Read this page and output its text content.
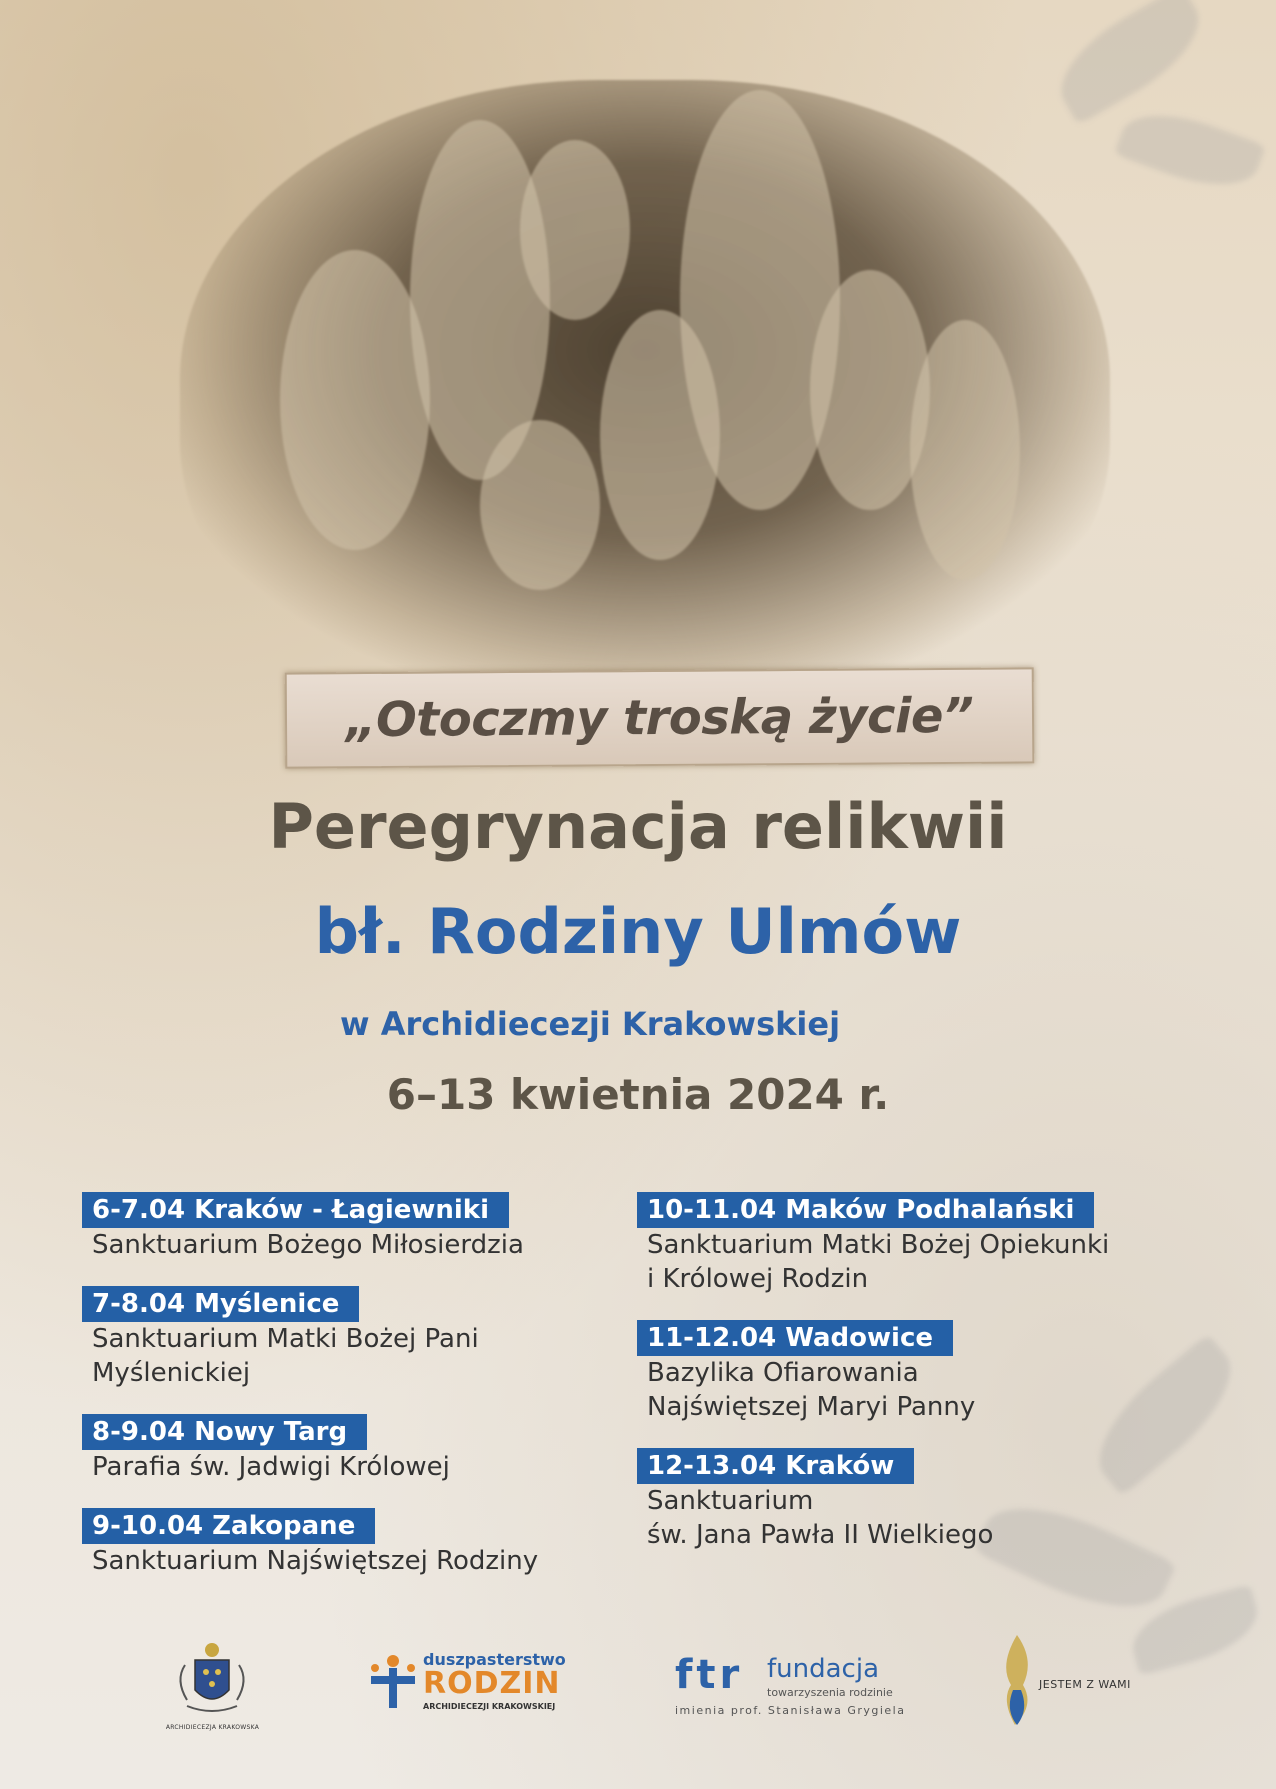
„Otoczmy troską życie”
Peregrynacja relikwii
bł. Rodziny Ulmów
w Archidiecezji Krakowskiej
6–13 kwietnia 2024 r.
6-7.04 Kraków - Łagiewniki
Sanktuarium Bożego Miłosierdzia
7-8.04 Myślenice
Sanktuarium Matki Bożej Pani
Myślenickiej
8-9.04 Nowy Targ
Parafia św. Jadwigi Królowej
9-10.04 Zakopane
Sanktuarium Najświętszej Rodziny
10-11.04 Maków Podhalański
Sanktuarium Matki Bożej Opiekunki
i Królowej Rodzin
11-12.04 Wadowice
Bazylika Ofiarowania
Najświętszej Maryi Panny
12-13.04 Kraków
Sanktuarium
św. Jana Pawła II Wielkiego
ARCHIDIECEZJA KRAKOWSKA
duszpasterstwo
RODZIN
ARCHIDIECEZJI KRAKOWSKIEJ
ftr fundacja
towarzyszenia rodzinie
imienia prof. Stanisława Grygiela
JESTEM Z WAMI
